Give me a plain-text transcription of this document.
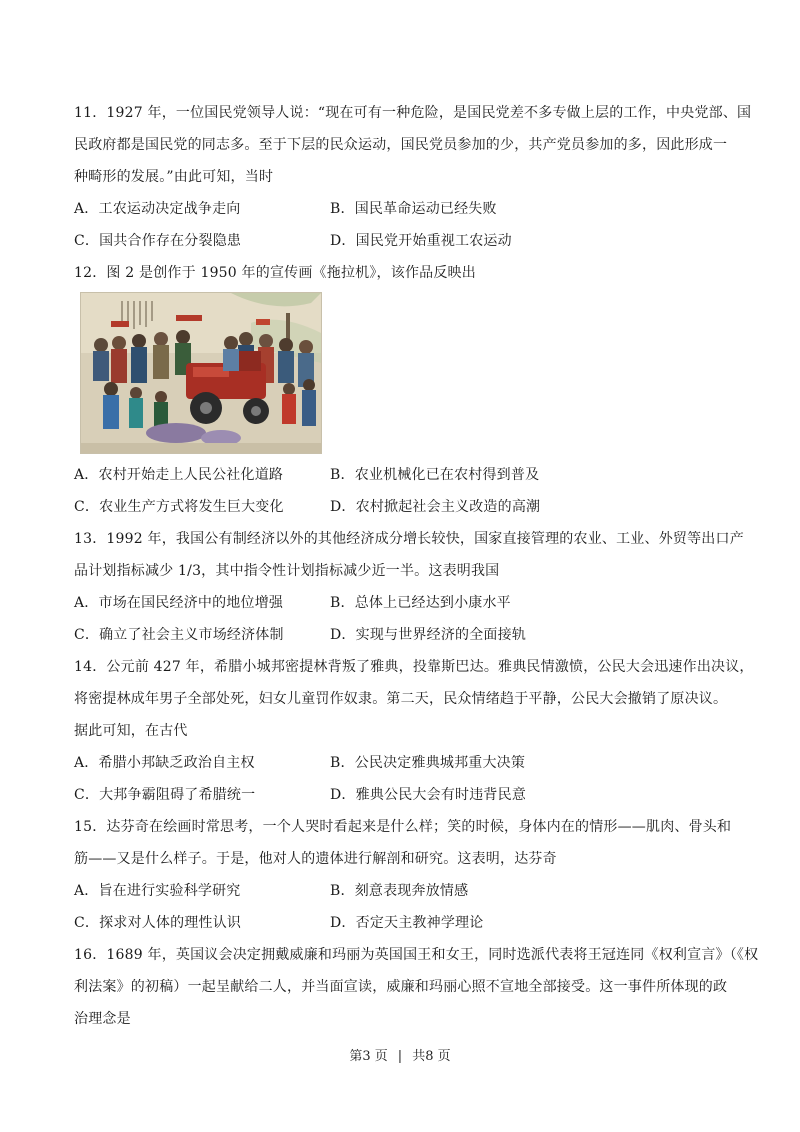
11．1927 年，一位国民党领导人说：“现在可有一种危险，是国民党差不多专做上层的工作，中央党部、国
民政府都是国民党的同志多。至于下层的民众运动，国民党员参加的少，共产党员参加的多，因此形成一
种畸形的发展。”由此可知，当时
A．工农运动决定战争走向	B．国民革命运动已经失败
C．国共合作存在分裂隐患	D．国民党开始重视工农运动
12．图 2 是创作于 1950 年的宣传画《拖拉机》，该作品反映出
A．农村开始走上人民公社化道路	B．农业机械化已在农村得到普及
C．农业生产方式将发生巨大变化	D．农村掀起社会主义改造的高潮
13．1992 年，我国公有制经济以外的其他经济成分增长较快，国家直接管理的农业、工业、外贸等出口产
品计划指标减少 1/3，其中指令性计划指标减少近一半。这表明我国
A．市场在国民经济中的地位增强	B．总体上已经达到小康水平
C．确立了社会主义市场经济体制	D．实现与世界经济的全面接轨
14．公元前 427 年，希腊小城邦密提林背叛了雅典，投靠斯巴达。雅典民情激愤，公民大会迅速作出决议，
将密提林成年男子全部处死，妇女儿童罚作奴隶。第二天，民众情绪趋于平静，公民大会撤销了原决议。
据此可知，在古代
A．希腊小邦缺乏政治自主权	B．公民决定雅典城邦重大决策
C．大邦争霸阻碍了希腊统一	D．雅典公民大会有时违背民意
15．达芬奇在绘画时常思考，一个人哭时看起来是什么样；笑的时候，身体内在的情形——肌肉、骨头和
筋——又是什么样子。于是，他对人的遗体进行解剖和研究。这表明，达芬奇
A．旨在进行实验科学研究	B．刻意表现奔放情感
C．探求对人体的理性认识	D．否定天主教神学理论
16．1689 年，英国议会决定拥戴威廉和玛丽为英国国王和女王，同时选派代表将王冠连同《权利宣言》（《权
利法案》的初稿）一起呈献给二人，并当面宣读，威廉和玛丽心照不宣地全部接受。这一事件所体现的政
治理念是
第3 页 | 共8 页
